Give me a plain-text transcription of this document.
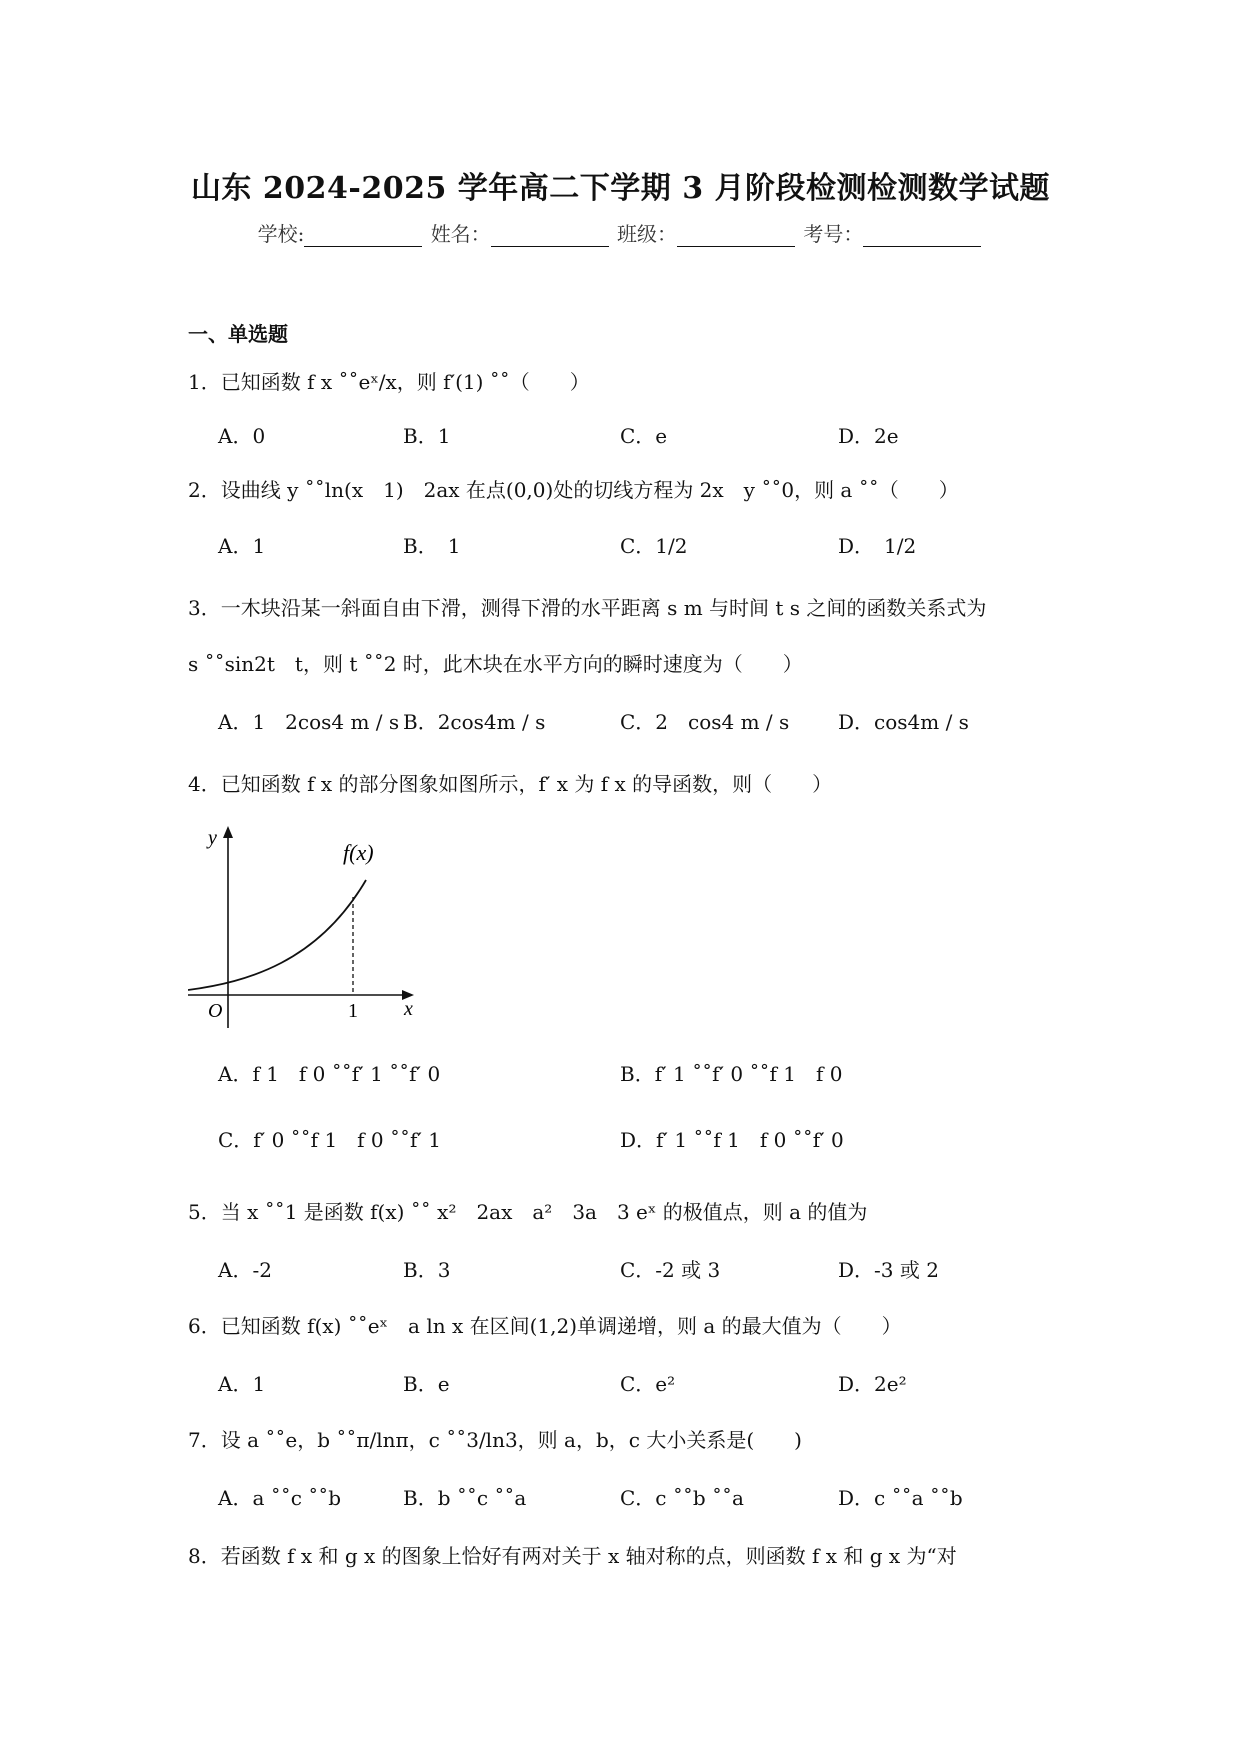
山东 2024-2025 学年高二下学期 3 月阶段检测检测数学试题
学校:	姓名：	班级：	考号：
一、单选题
1．已知函数 f x ˚˚eˣ/x，则 f′(1) ˚˚（　　）
A．0	B．1	C．e	D．2e
2．设曲线 y ˚˚ln(x　1)　2ax 在点(0,0)处的切线方程为 2x　y ˚˚0，则 a ˚˚（　　）
A．1	B．　1	C．1/2	D．　1/2
3．一木块沿某一斜面自由下滑，测得下滑的水平距离 s m 与时间 t s 之间的函数关系式为
s ˚˚sin2t　t，则 t ˚˚2 时，此木块在水平方向的瞬时速度为（　　）
A．1　2cos4 m / s B．2cos4m / s	C．2　cos4 m / s D．cos4m / s
4．已知函数 f x 的部分图象如图所示，f′ x 为 f x 的导函数，则（　　）
f(x)
y
x
O	1
A．f 1　f 0 ˚˚f′ 1 ˚˚f′ 0	B．f′ 1 ˚˚f′ 0 ˚˚f 1　f 0
C．f′ 0 ˚˚f 1　f 0 ˚˚f′ 1	D．f′ 1 ˚˚f 1　f 0 ˚˚f′ 0
5．当 x ˚˚1 是函数 f(x) ˚˚ x²　2ax　a²　3a　3 eˣ 的极值点，则 a 的值为
A．-2	B．3	C．-2 或 3	D．-3 或 2
6．已知函数 f(x) ˚˚eˣ　a ln x 在区间(1,2)单调递增，则 a 的最大值为（　　）
A．1	B．e	C．e²	D．2e²
7．设 a ˚˚e，b ˚˚π/lnπ，c ˚˚3/ln3，则 a，b，c 大小关系是(　　)
A．a ˚˚c ˚˚b	B．b ˚˚c ˚˚a	C．c ˚˚b ˚˚a	D．c ˚˚a ˚˚b
8．若函数 f x 和 g x 的图象上恰好有两对关于 x 轴对称的点，则函数 f x 和 g x 为“对
